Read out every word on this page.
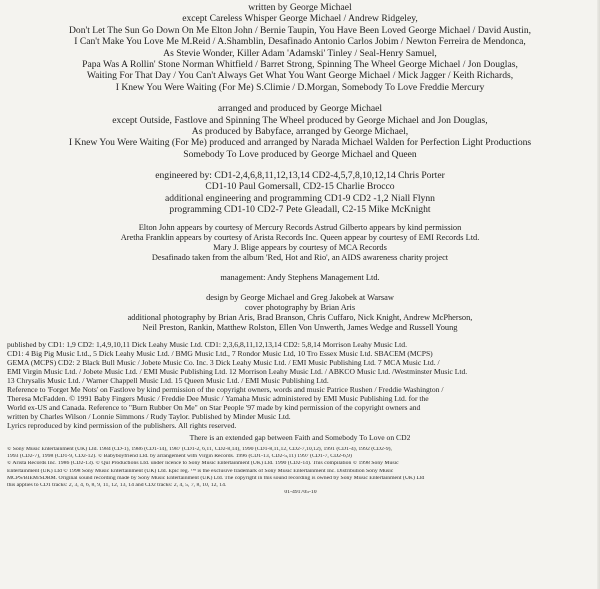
written by George Michael
except Careless Whisper George Michael / Andrew Ridgeley,
Don't Let The Sun Go Down On Me Elton John / Bernie Taupin, You Have Been Loved George Michael / David Austin,
I Can't Make You Love Me M.Reid / A.Shamblin, Desafinado Antonio Carlos Jobim / Newton Ferreira de Mendonca,
As Stevie Wonder, Killer Adam 'Adamski' Tinley / Seal-Henry Samuel,
Papa Was A Rollin' Stone Norman Whitfield / Barret Strong, Spinning The Wheel George Michael / Jon Douglas,
Waiting For That Day / You Can't Always Get What You Want George Michael / Mick Jagger / Keith Richards,
I Knew You Were Waiting (For Me) S.Climie / D.Morgan, Somebody To Love Freddie Mercury
arranged and produced by George Michael
except Outside, Fastlove and Spinning The Wheel produced by George Michael and Jon Douglas,
As produced by Babyface, arranged by George Michael,
I Knew You Were Waiting (For Me) produced and arranged by Narada Michael Walden for Perfection Light Productions
Somebody To Love produced by George Michael and Queen
engineered by: CD1-2,4,6,8,11,12,13,14 CD2-4,5,7,8,10,12,14 Chris Porter
CD1-10 Paul Gomersall, CD2-15 Charlie Brocco
additional engineering and programming CD1-9 CD2 -1,2 Niall Flynn
programming CD1-10 CD2-7 Pete Gleadall, C2-15 Mike McKnight
Elton John appears by courtesy of Mercury Records Astrud Gilberto appears by kind permission
Aretha Franklin appears by courtesy of Arista Records Inc. Queen appear by courtesy of EMI Records Ltd.
Mary J. Blige appears by courtesy of MCA Records
Desafinado taken from the album 'Red, Hot and Rio', an AIDS awareness charity project
management: Andy Stephens Management Ltd.
design by George Michael and Greg Jakobek at Warsaw
cover photography by Brian Aris
additional photography by Brian Aris, Brad Branson, Chris Cuffaro, Nick Knight, Andrew McPherson,
Neil Preston, Rankin, Matthew Rolston, Ellen Von Unwerth, James Wedge and Russell Young
published by CD1: 1,9 CD2: 1,4,9,10,11 Dick Leahy Music Ltd. CD1: 2,3,6,8,11,12,13,14 CD2: 5,8,14 Morrison Leahy Music Ltd.
CD1: 4 Big Pig Music Ltd., 5 Dick Leahy Music Ltd. / BMG Music Ltd., 7 Rondor Music Ltd, 10 Tro Essex Music Ltd. SBACEM (MCPS)
GEMA (MCPS) CD2: 2 Black Bull Music / Jobete Music Co. Inc. 3 Dick Leahy Music Ltd. / EMI Music Publishing Ltd. 7 MCA Music Ltd. /
EMI Virgin Music Ltd. / Jobete Music Ltd. / EMI Music Publishing Ltd. 12 Morrison Leahy Music Ltd. / ABKCO Music Ltd. /Westminster Music Ltd.
13 Chrysalis Music Ltd. / Warner Chappell Music Ltd. 15 Queen Music Ltd. / EMI Music Publishing Ltd.
Reference to 'Forget Me Nots' on Fastlove by kind permission of the copyright owners, words and music Patrice Rushen / Freddie Washington /
Theresa McFadden. © 1991 Baby Fingers Music / Freddie Dee Music / Yamaha Music administered by EMI Music Publishing Ltd. for the
World ex-US and Canada. Reference to "Burn Rubber On Me" on Star People '97 made by kind permission of the copyright owners and
written by Charles Wilson / Lonnie Simmons / Rudy Taylor. Published by Minder Music Ltd.
Lyrics reproduced by kind permission of the publishers. All rights reserved.
There is an extended gap between Faith and Somebody To Love on CD2
© Sony Music Entertainment (UK) Ltd. 1984 (CD-1), 1986 (CD1-14), 1987 (CD1-2, 6,11, CD2-8,14), 1990 (CD1-8,11,12, CD2-7,10,12), 1991 (CD1-4), 1992 (CD2-9),
1993 (CD2-7), 1998 (CD1-9, CD2-12). © Babyboyfriend Ltd. by arrangement with Virgin Records. 1996 (CD1-13, CD2-5,11) 1997 (CD1-7, CD2-6,9)
© Arista Records Inc. 1986 (CD2-13). © Qul Productions Ltd. under licence to Sony Music Entertainment (UK) Ltd. 1990 (CD2-14). This compilation © 1998 Sony Music
Entertainment (UK) Ltd © 1998 Sony Music Entertainment (UK) Ltd. Epic reg. ™ is the exclusive trademark of Sony Music Entertainment Inc. Distribution Sony Music
MCPS/BIEM/SDRM. Original sound recording made by Sony Music Entertainment (UK) Ltd. The copyright in this sound recording is owned by Sony Music Entertainment (UK) Ltd
this applies to CD1 tracks: 2, 3, 4, 6, 8, 9, 11, 12, 13, 14 and CD2 tracks: 2, 4, 5, 7, 8, 10, 12, 14.
01-491705-10
